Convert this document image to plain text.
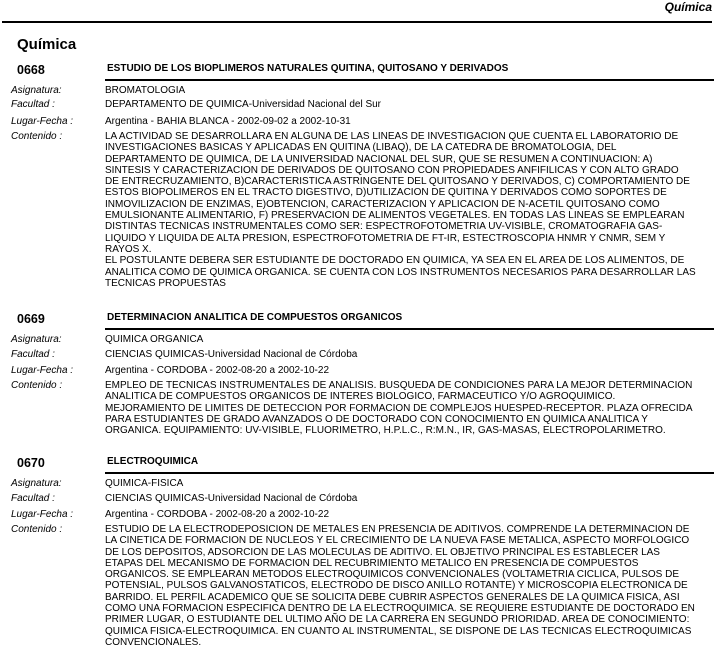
Química
Química
0668	ESTUDIO DE LOS BIOPLIMEROS NATURALES QUITINA, QUITOSANO Y DERIVADOS
Asignatura:	BROMATOLOGIA
Facultad :	DEPARTAMENTO DE QUIMICA-Universidad Nacional del Sur
Lugar-Fecha :	Argentina - BAHIA BLANCA - 2002-09-02 a 2002-10-31
Contenido :	LA ACTIVIDAD SE DESARROLLARA EN ALGUNA DE LAS LINEAS DE INVESTIGACION QUE CUENTA EL LABORATORIO DE
INVESTIGACIONES BASICAS Y APLICADAS EN QUITINA (LIBAQ), DE LA CATEDRA DE BROMATOLOGIA, DEL
DEPARTAMENTO DE QUIMICA, DE LA UNIVERSIDAD NACIONAL DEL SUR, QUE SE RESUMEN A CONTINUACION: A)
SINTESIS Y CARACTERIZACION DE DERIVADOS DE QUITOSANO CON PROPIEDADES ANFIFILICAS Y CON ALTO GRADO
DE ENTRECRUZAMIENTO, B)CARACTERISTICA ASTRINGENTE DEL QUITOSANO Y DERIVADOS, C) COMPORTAMIENTO DE
ESTOS BIOPOLIMEROS EN EL TRACTO DIGESTIVO, D)UTILIZACION DE QUITINA Y DERIVADOS COMO SOPORTES DE
INMOVILIZACION DE ENZIMAS, E)OBTENCION, CARACTERIZACION Y APLICACION DE N-ACETIL QUITOSANO COMO
EMULSIONANTE ALIMENTARIO, F) PRESERVACION DE ALIMENTOS VEGETALES. EN TODAS LAS LINEAS SE EMPLEARAN
DISTINTAS TECNICAS INSTRUMENTALES COMO SER: ESPECTROFOTOMETRIA UV-VISIBLE, CROMATOGRAFIA GAS-
LIQUIDO Y LIQUIDA DE ALTA PRESION, ESPECTROFOTOMETRIA DE FT-IR, ESTECTROSCOPIA HNMR Y CNMR, SEM Y
RAYOS X.
EL POSTULANTE DEBERA SER ESTUDIANTE DE DOCTORADO EN QUIMICA, YA SEA EN EL AREA DE LOS ALIMENTOS, DE
ANALITICA COMO DE QUIMICA ORGANICA. SE CUENTA CON LOS INSTRUMENTOS NECESARIOS PARA DESARROLLAR LAS
TECNICAS PROPUESTAS
0669	DETERMINACION ANALITICA DE COMPUESTOS ORGANICOS
Asignatura:	QUIMICA ORGANICA
Facultad :	CIENCIAS QUIMICAS-Universidad Nacional de Córdoba
Lugar-Fecha :	Argentina - CORDOBA - 2002-08-20 a 2002-10-22
Contenido :	EMPLEO DE TECNICAS INSTRUMENTALES DE ANALISIS. BUSQUEDA DE CONDICIONES PARA LA MEJOR DETERMINACION
ANALITICA DE COMPUESTOS ORGANICOS DE INTERES BIOLOGICO, FARMACEUTICO Y/O AGROQUIMICO.
MEJORAMIENTO DE LIMITES DE DETECCION POR FORMACION DE COMPLEJOS HUESPED-RECEPTOR. PLAZA OFRECIDA
PARA ESTUDIANTES DE GRADO AVANZADOS O DE DOCTORADO CON CONOCIMIENTO EN QUIMICA ANALITICA Y
ORGANICA. EQUIPAMIENTO: UV-VISIBLE, FLUORIMETRO, H.P.L.C., R:M.N., IR, GAS-MASAS, ELECTROPOLARIMETRO.
0670	ELECTROQUIMICA
Asignatura:	QUIMICA-FISICA
Facultad :	CIENCIAS QUIMICAS-Universidad Nacional de Córdoba
Lugar-Fecha :	Argentina - CORDOBA - 2002-08-20 a 2002-10-22
Contenido :	ESTUDIO DE LA ELECTRODEPOSICION DE METALES EN PRESENCIA DE ADITIVOS. COMPRENDE LA DETERMINACION DE
LA CINETICA DE FORMACION DE NUCLEOS Y EL CRECIMIENTO DE LA NUEVA FASE METALICA, ASPECTO MORFOLOGICO
DE LOS DEPOSITOS, ADSORCION DE LAS MOLECULAS DE ADITIVO. EL OBJETIVO PRINCIPAL ES ESTABLECER LAS
ETAPAS DEL MECANISMO DE FORMACION DEL RECUBRIMIENTO METALICO EN PRESENCIA DE COMPUESTOS
ORGANICOS. SE EMPLEARAN METODOS ELECTROQUIMICOS CONVENCIONALES (VOLTAMETRIA CICLICA, PULSOS DE
POTENSIAL, PULSOS GALVANOSTATICOS, ELECTRODO DE DISCO ANILLO ROTANTE) Y MICROSCOPIA ELECTRONICA DE
BARRIDO. EL PERFIL ACADEMICO QUE SE SOLICITA DEBE CUBRIR ASPECTOS GENERALES DE LA QUIMICA FISICA, ASI
COMO UNA FORMACION ESPECIFICA DENTRO DE LA ELECTROQUIMICA. SE REQUIERE ESTUDIANTE DE DOCTORADO EN
PRIMER LUGAR, O ESTUDIANTE DEL ULTIMO AÑO DE LA CARRERA EN SEGUNDO PRIORIDAD. AREA DE CONOCIMIENTO:
QUIMICA FISICA-ELECTROQUIMICA. EN CUANTO AL INSTRUMENTAL, SE DISPONE DE LAS TECNICAS ELECTROQUIMICAS
CONVENCIONALES.
